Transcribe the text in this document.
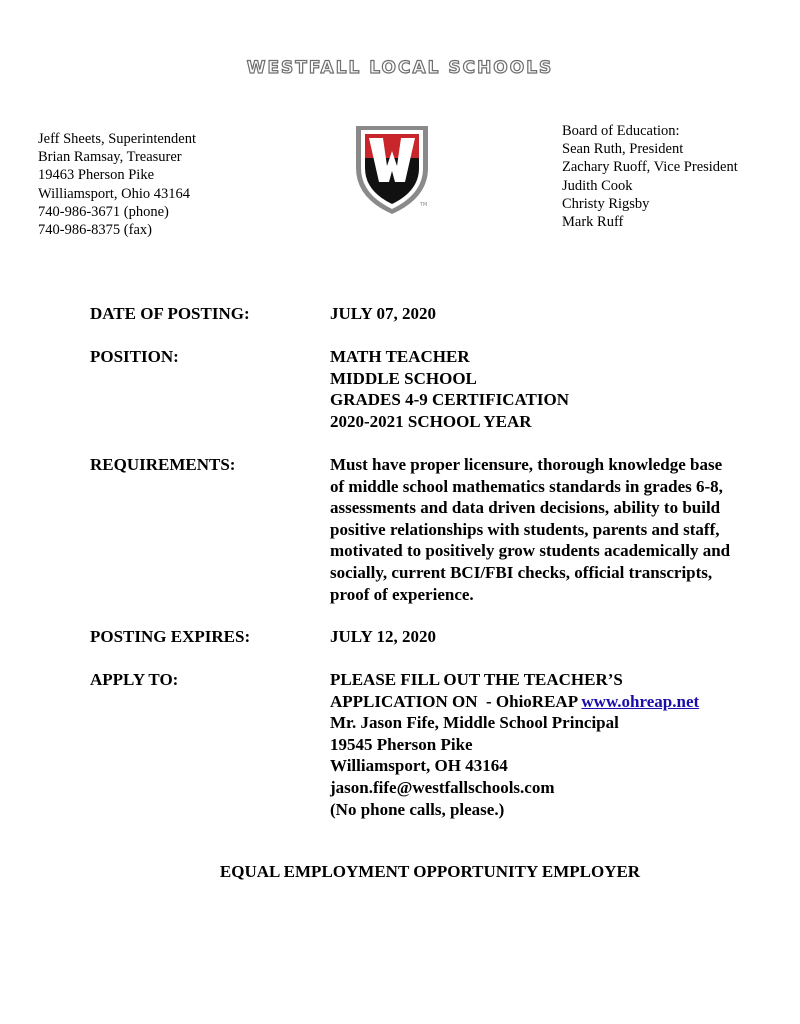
WESTFALL LOCAL SCHOOLS
Jeff Sheets, Superintendent
Brian Ramsay, Treasurer
19463 Pherson Pike
Williamsport, Ohio 43164
740-986-3671 (phone)
740-986-8375 (fax)
TM
Board of Education:
Sean Ruth, President
Zachary Ruoff, Vice President
Judith Cook
Christy Rigsby
Mark Ruff
DATE OF POSTING:	JULY 07, 2020
POSITION:	MATH TEACHER
MIDDLE SCHOOL
GRADES 4-9 CERTIFICATION
2020-2021 SCHOOL YEAR
REQUIREMENTS:	Must have proper licensure, thorough knowledge base
of middle school mathematics standards in grades 6-8,
assessments and data driven decisions, ability to build
positive relationships with students, parents and staff,
motivated to positively grow students academically and
socially, current BCI/FBI checks, official transcripts,
proof of experience.
POSTING EXPIRES:	JULY 12, 2020
APPLY TO:	PLEASE FILL OUT THE TEACHER’S
APPLICATION ON  - OhioREAP www.ohreap.net
Mr. Jason Fife, Middle School Principal
19545 Pherson Pike
Williamsport, OH 43164
jason.fife@westfallschools.com
(No phone calls, please.)
EQUAL EMPLOYMENT OPPORTUNITY EMPLOYER
